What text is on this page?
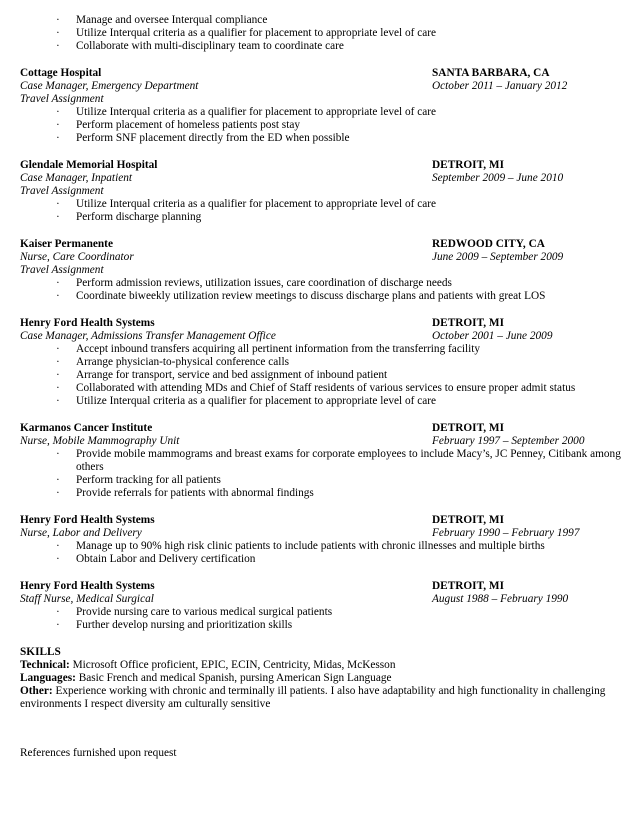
· Manage and oversee Interqual compliance
· Utilize Interqual criteria as a qualifier for placement to appropriate level of care
· Collaborate with multi-disciplinary team to coordinate care
Cottage Hospital	SANTA BARBARA, CA
Case Manager, Emergency Department	October 2011 – January 2012
Travel Assignment
· Utilize Interqual criteria as a qualifier for placement to appropriate level of care
· Perform placement of homeless patients post stay
· Perform SNF placement directly from the ED when possible
Glendale Memorial Hospital	DETROIT, MI
Case Manager, Inpatient	September 2009 – June 2010
Travel Assignment
· Utilize Interqual criteria as a qualifier for placement to appropriate level of care
· Perform discharge planning
Kaiser Permanente	REDWOOD CITY, CA
Nurse, Care Coordinator	June 2009 – September 2009
Travel Assignment
· Perform admission reviews, utilization issues, care coordination of discharge needs
· Coordinate biweekly utilization review meetings to discuss discharge plans and patients with great LOS
Henry Ford Health Systems	DETROIT, MI
Case Manager, Admissions Transfer Management Office	October 2001 – June 2009
· Accept inbound transfers acquiring all pertinent information from the transferring facility
· Arrange physician-to-physical conference calls
· Arrange for transport, service and bed assignment of inbound patient
· Collaborated with attending MDs and Chief of Staff residents of various services to ensure proper admit status
· Utilize Interqual criteria as a qualifier for placement to appropriate level of care
Karmanos Cancer Institute	DETROIT, MI
Nurse, Mobile Mammography Unit	February 1997 – September 2000
· Provide mobile mammograms and breast exams for corporate employees to include Macy’s, JC Penney, Citibank among others
· Perform tracking for all patients
· Provide referrals for patients with abnormal findings
Henry Ford Health Systems	DETROIT, MI
Nurse, Labor and Delivery	February 1990 – February 1997
· Manage up to 90% high risk clinic patients to include patients with chronic illnesses and multiple births
· Obtain Labor and Delivery certification
Henry Ford Health Systems	DETROIT, MI
Staff Nurse, Medical Surgical	August 1988 – February 1990
· Provide nursing care to various medical surgical patients
· Further develop nursing and prioritization skills
SKILLS
Technical: Microsoft Office proficient, EPIC, ECIN, Centricity, Midas, McKesson
Languages: Basic French and medical Spanish, pursing American Sign Language
Other: Experience working with chronic and terminally ill patients. I also have adaptability and high functionality in challenging environments I respect diversity am culturally sensitive
References furnished upon request
